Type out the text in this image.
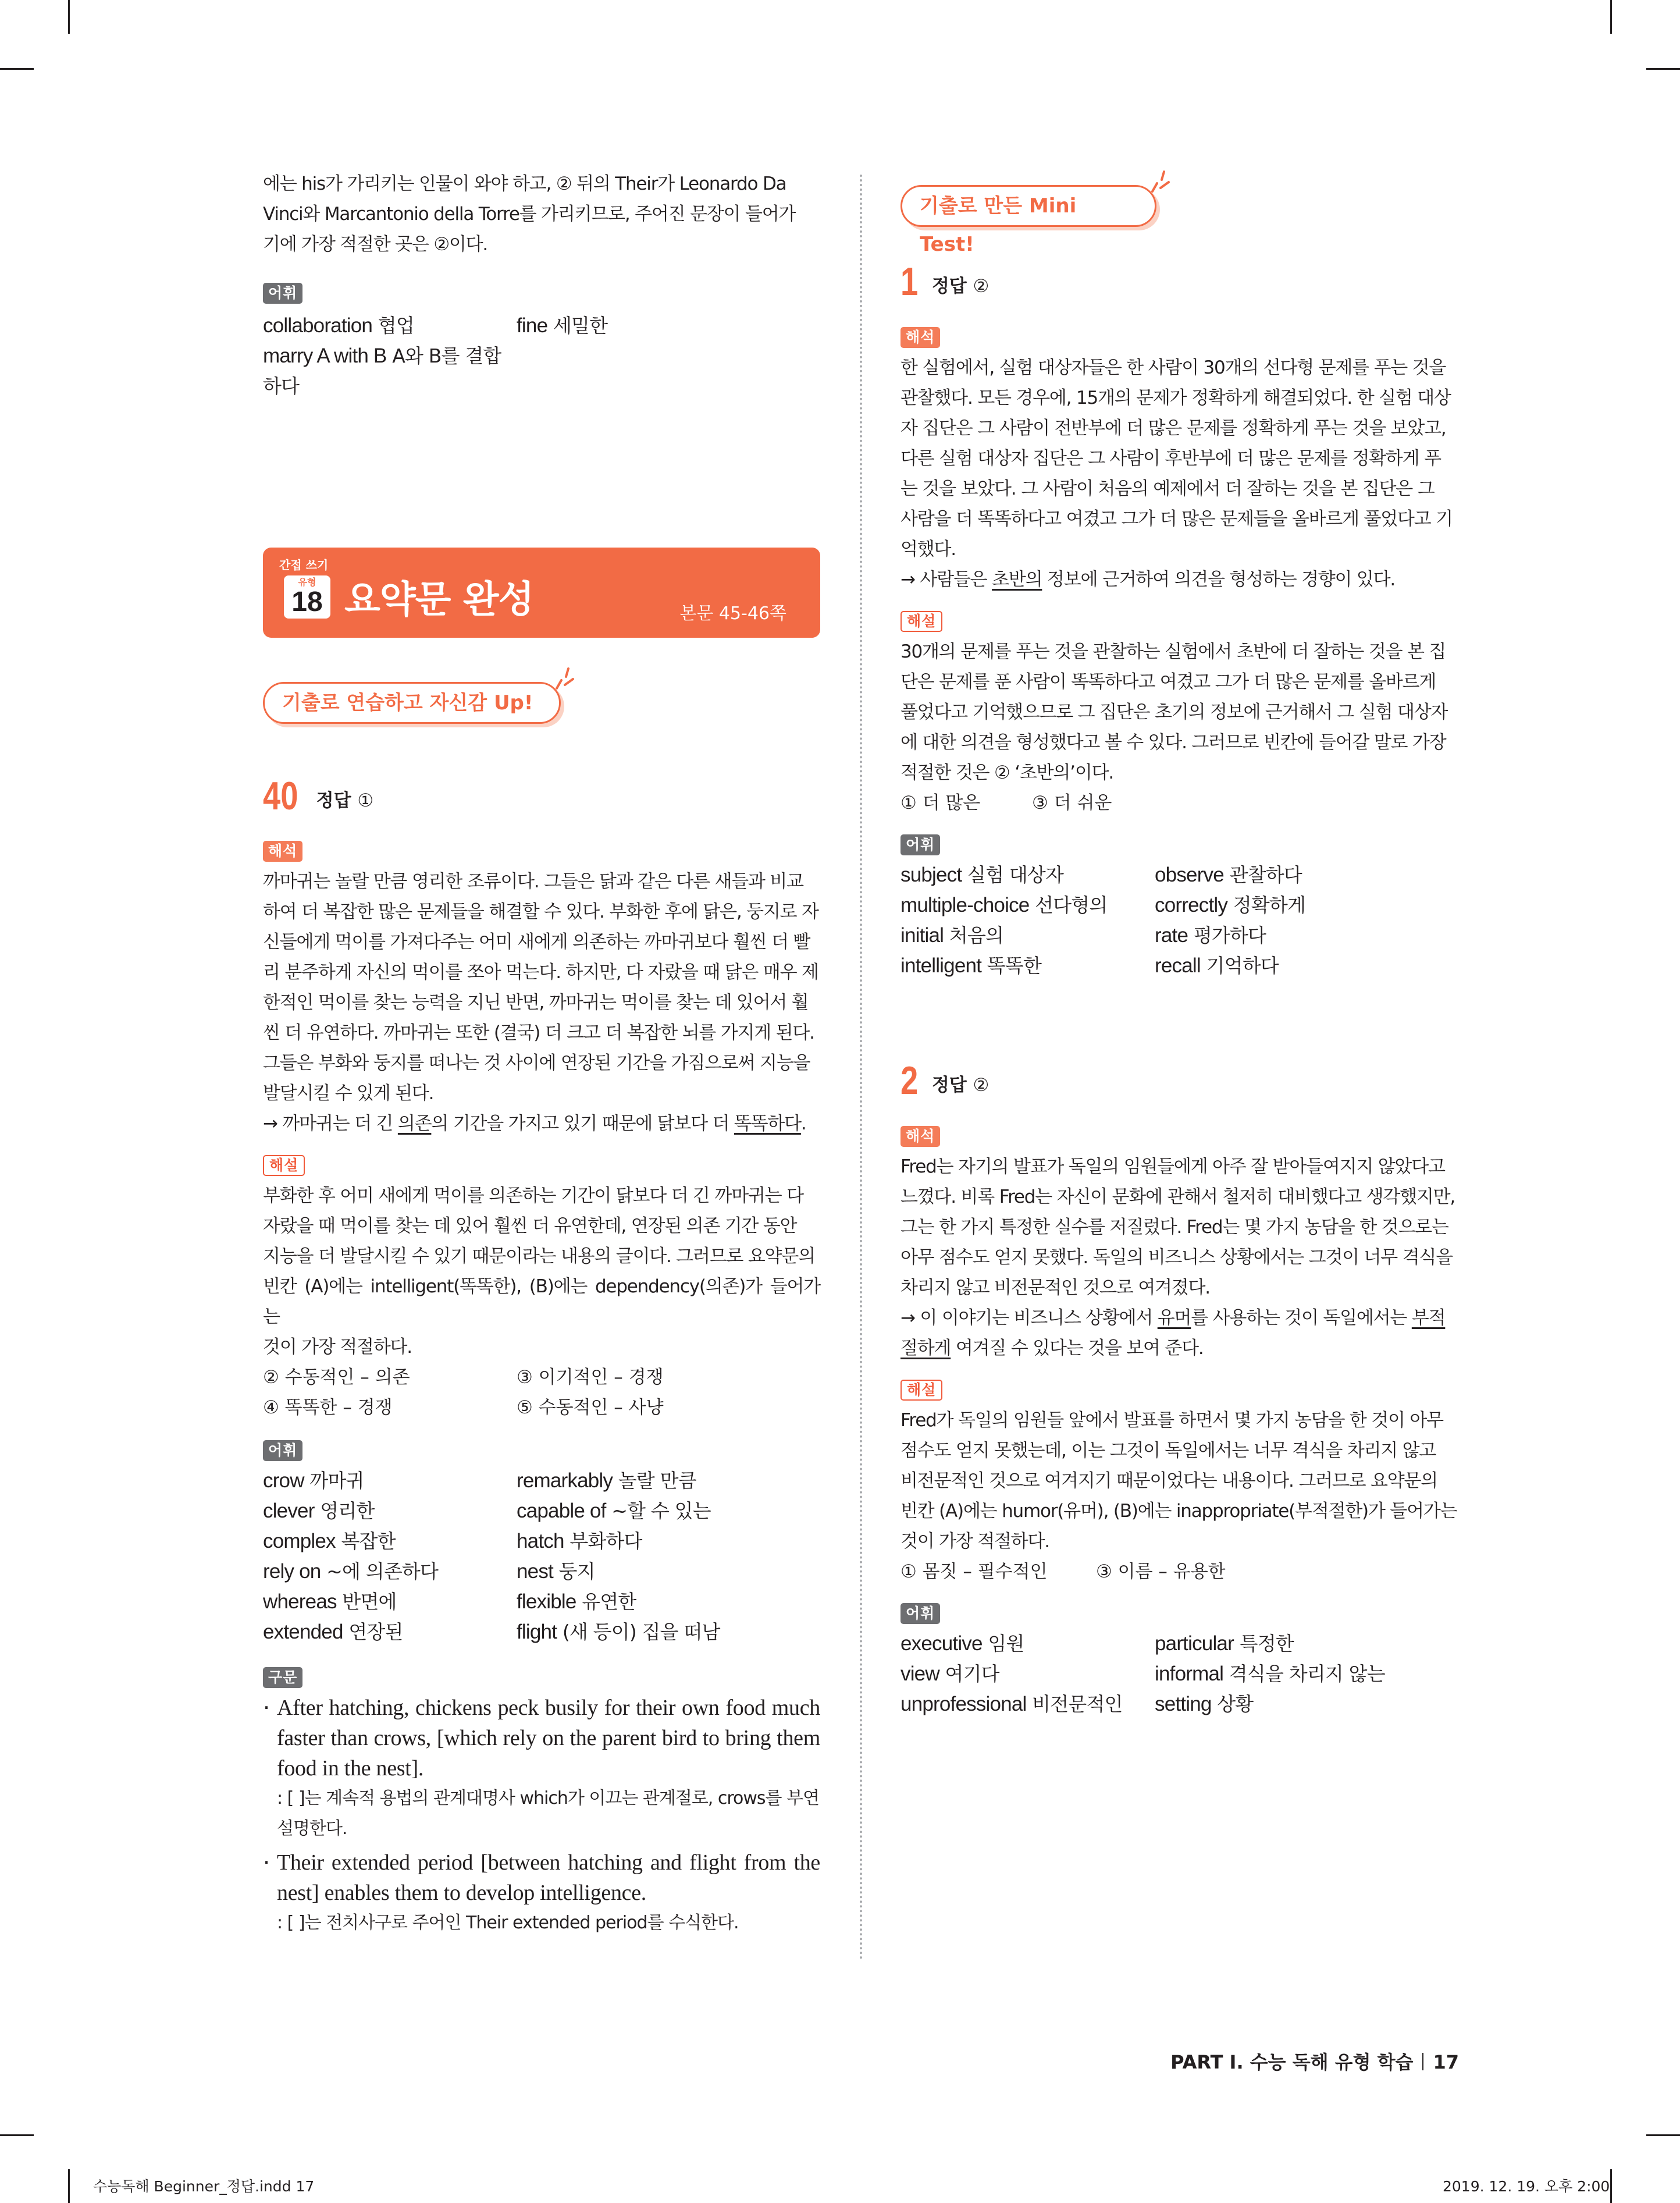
에는 his가 가리키는 인물이 와야 하고, ② 뒤의 Their가 Leonardo Da
Vinci와 Marcantonio della Torre를 가리키므로, 주어진 문장이 들어가
기에 가장 적절한 곳은 ②이다.
어휘
collaboration 협업	fine 세밀한
marry A with B A와 B를 결합하다
간접 쓰기
유형
18 요약문 완성	본문 45-46쪽
기출로 연습하고 자신감 Up!
40 정답 ①
해석
까마귀는 놀랄 만큼 영리한 조류이다. 그들은 닭과 같은 다른 새들과 비교
하여 더 복잡한 많은 문제들을 해결할 수 있다. 부화한 후에 닭은, 둥지로 자
신들에게 먹이를 가져다주는 어미 새에게 의존하는 까마귀보다 훨씬 더 빨
리 분주하게 자신의 먹이를 쪼아 먹는다. 하지만, 다 자랐을 때 닭은 매우 제
한적인 먹이를 찾는 능력을 지닌 반면, 까마귀는 먹이를 찾는 데 있어서 훨
씬 더 유연하다. 까마귀는 또한 (결국) 더 크고 더 복잡한 뇌를 가지게 된다.
그들은 부화와 둥지를 떠나는 것 사이에 연장된 기간을 가짐으로써 지능을
발달시킬 수 있게 된다.
→ 까마귀는 더 긴 의존의 기간을 가지고 있기 때문에 닭보다 더 똑똑하다.
해설
부화한 후 어미 새에게 먹이를 의존하는 기간이 닭보다 더 긴 까마귀는 다
자랐을 때 먹이를 찾는 데 있어 훨씬 더 유연한데, 연장된 의존 기간 동안
지능을 더 발달시킬 수 있기 때문이라는 내용의 글이다. 그러므로 요약문의
빈칸 (A)에는 intelligent(똑똑한), (B)에는 dependency(의존)가 들어가는
것이 가장 적절하다.
② 수동적인 – 의존	③ 이기적인 – 경쟁
④ 똑똑한 – 경쟁	⑤ 수동적인 – 사냥
어휘
crow 까마귀	remarkably 놀랄 만큼
clever 영리한	capable of ~할 수 있는
complex 복잡한	hatch 부화하다
rely on ~에 의존하다	nest 둥지
whereas 반면에	flexible 유연한
extended 연장된	flight (새 등이) 집을 떠남
구문
· After hatching, chickens peck busily for their own food much faster than crows, [which rely on the parent bird to bring them food in the nest].
: [ ]는 계속적 용법의 관계대명사 which가 이끄는 관계절로, crows를 부연 설명한다.
· Their extended period [between hatching and flight from the nest] enables them to develop intelligence.
: [ ]는 전치사구로 주어인 Their extended period를 수식한다.
기출로 만든 Mini Test!
1 정답 ②
해석
한 실험에서, 실험 대상자들은 한 사람이 30개의 선다형 문제를 푸는 것을
관찰했다. 모든 경우에, 15개의 문제가 정확하게 해결되었다. 한 실험 대상
자 집단은 그 사람이 전반부에 더 많은 문제를 정확하게 푸는 것을 보았고,
다른 실험 대상자 집단은 그 사람이 후반부에 더 많은 문제를 정확하게 푸
는 것을 보았다. 그 사람이 처음의 예제에서 더 잘하는 것을 본 집단은 그
사람을 더 똑똑하다고 여겼고 그가 더 많은 문제들을 올바르게 풀었다고 기
억했다.
→ 사람들은 초반의 정보에 근거하여 의견을 형성하는 경향이 있다.
해설
30개의 문제를 푸는 것을 관찰하는 실험에서 초반에 더 잘하는 것을 본 집
단은 문제를 푼 사람이 똑똑하다고 여겼고 그가 더 많은 문제를 올바르게
풀었다고 기억했으므로 그 집단은 초기의 정보에 근거해서 그 실험 대상자
에 대한 의견을 형성했다고 볼 수 있다. 그러므로 빈칸에 들어갈 말로 가장
적절한 것은 ② ‘초반의’이다.
① 더 많은	③ 더 쉬운
어휘
subject 실험 대상자	observe 관찰하다
multiple-choice 선다형의	correctly 정확하게
initial 처음의	rate 평가하다
intelligent 똑똑한	recall 기억하다
2 정답 ②
해석
Fred는 자기의 발표가 독일의 임원들에게 아주 잘 받아들여지지 않았다고
느꼈다. 비록 Fred는 자신이 문화에 관해서 철저히 대비했다고 생각했지만,
그는 한 가지 특정한 실수를 저질렀다. Fred는 몇 가지 농담을 한 것으로는
아무 점수도 얻지 못했다. 독일의 비즈니스 상황에서는 그것이 너무 격식을
차리지 않고 비전문적인 것으로 여겨졌다.
→ 이 이야기는 비즈니스 상황에서 유머를 사용하는 것이 독일에서는 부적
절하게 여겨질 수 있다는 것을 보여 준다.
해설
Fred가 독일의 임원들 앞에서 발표를 하면서 몇 가지 농담을 한 것이 아무
점수도 얻지 못했는데, 이는 그것이 독일에서는 너무 격식을 차리지 않고
비전문적인 것으로 여겨지기 때문이었다는 내용이다. 그러므로 요약문의
빈칸 (A)에는 humor(유머), (B)에는 inappropriate(부적절한)가 들어가는
것이 가장 적절하다.
① 몸짓 – 필수적인	③ 이름 – 유용한
어휘
executive 임원	particular 특정한
view 여기다	informal 격식을 차리지 않는
unprofessional 비전문적인	setting 상황
PART Ⅰ. 수능 독해 유형 학습 17
수능독해 Beginner_정답.indd 17	2019. 12. 19. 오후 2:00
